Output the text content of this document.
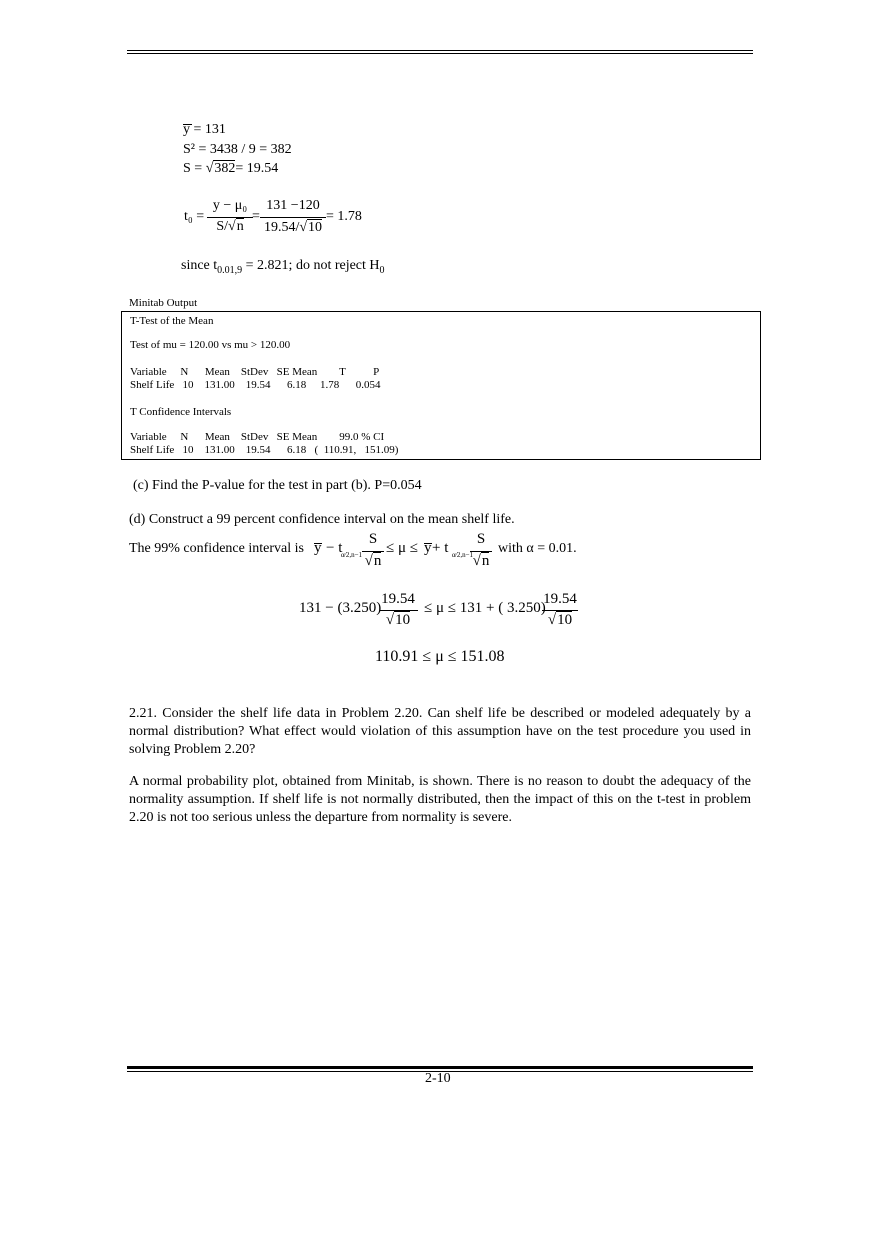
y = 131
S² = 3438 / 9 = 382
S = √382= 19.54
t₀ =
y − μ₀
S/√n
=
131 −120
19.54/√10
= 1.78
since $t_{0.01,9} = 2.821$; do not reject $H_0$
Minitab Output
T-Test of the Mean
Test of mu = 120.00 vs mu > 120.00
Variable     N      Mean    StDev   SE Mean        T          P
Shelf Life   10    131.00    19.54      6.18     1.78      0.054
T Confidence Intervals
Variable     N      Mean    StDev   SE Mean        99.0 % CI
Shelf Life   10    131.00    19.54      6.18   (  110.91,   151.09)
(c) Find the P-value for the test in part (b). P=0.054
(d) Construct a 99 percent confidence interval on the mean shelf life.
The 99% confidence interval is y − t
α⁄2,n−1
S
√n
≤ μ ≤ y + t α⁄2,n−1
S
√n
with α = 0.01.
131 − (3.250)
19.54
√10
≤ μ ≤ 131 + ( 3.250)
19.54
√10
110.91 ≤ μ ≤ 151.08
2.21. Consider the shelf life data in Problem 2.20. Can shelf life be described or modeled adequately by a normal distribution? What effect would violation of this assumption have on the test procedure you used in solving Problem 2.20?
A normal probability plot, obtained from Minitab, is shown. There is no reason to doubt the adequacy of the normality assumption. If shelf life is not normally distributed, then the impact of this on the t-test in problem 2.20 is not too serious unless the departure from normality is severe.
2-10
